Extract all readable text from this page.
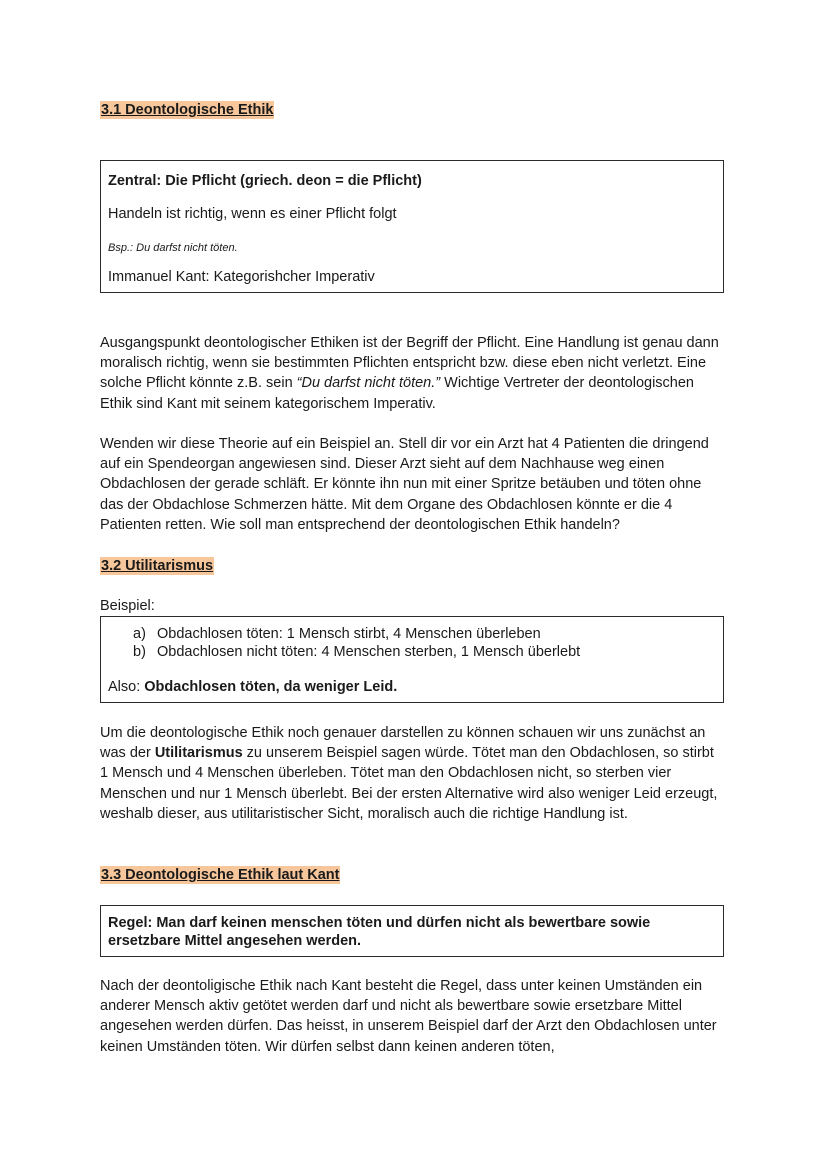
3.1 Deontologische Ethik

Zentral: Die Pflicht (griech. deon = die Pflicht)

Handeln ist richtig, wenn es einer Pflicht folgt

Bsp.: Du darfst nicht töten.

Immanuel Kant: Kategorishcher Imperativ

Ausgangspunkt deontologischer Ethiken ist der Begriff der Pflicht. Eine Handlung ist genau dann moralisch richtig, wenn sie bestimmten Pflichten entspricht bzw. diese eben nicht verletzt. Eine solche Pflicht könnte z.B. sein “Du darfst nicht töten.” Wichtige Vertreter der deontologischen Ethik sind Kant mit seinem kategorischem Imperativ.

Wenden wir diese Theorie auf ein Beispiel an. Stell dir vor ein Arzt hat 4 Patienten die dringend auf ein Spendeorgan angewiesen sind. Dieser Arzt sieht auf dem Nachhause weg einen Obdachlosen der gerade schläft. Er könnte ihn nun mit einer Spritze betäuben und töten ohne das der Obdachlose Schmerzen hätte. Mit dem Organe des Obdachlosen könnte er die 4 Patienten retten. Wie soll man entsprechend der deontologischen Ethik handeln?

3.2 Utilitarismus

Beispiel:

a) Obdachlosen töten: 1 Mensch stirbt, 4 Menschen überleben
b) Obdachlosen nicht töten: 4 Menschen sterben, 1 Mensch überlebt

Also: Obdachlosen töten, da weniger Leid.

Um die deontologische Ethik noch genauer darstellen zu können schauen wir uns zunächst an was der Utilitarismus zu unserem Beispiel sagen würde. Tötet man den Obdachlosen, so stirbt 1 Mensch und 4 Menschen überleben. Tötet man den Obdachlosen nicht, so sterben vier Menschen und nur 1 Mensch überlebt. Bei der ersten Alternative wird also weniger Leid erzeugt, weshalb dieser, aus utilitaristischer Sicht, moralisch auch die richtige Handlung ist.

3.3 Deontologische Ethik laut Kant

Regel: Man darf keinen menschen töten und dürfen nicht als bewertbare sowie ersetzbare Mittel angesehen werden.

Nach der deontoligische Ethik nach Kant besteht die Regel, dass unter keinen Umständen ein anderer Mensch aktiv getötet werden darf und nicht als bewertbare sowie ersetzbare Mittel angesehen werden dürfen. Das heisst, in unserem Beispiel darf der Arzt den Obdachlosen unter keinen Umständen töten. Wir dürfen selbst dann keinen anderen töten,
